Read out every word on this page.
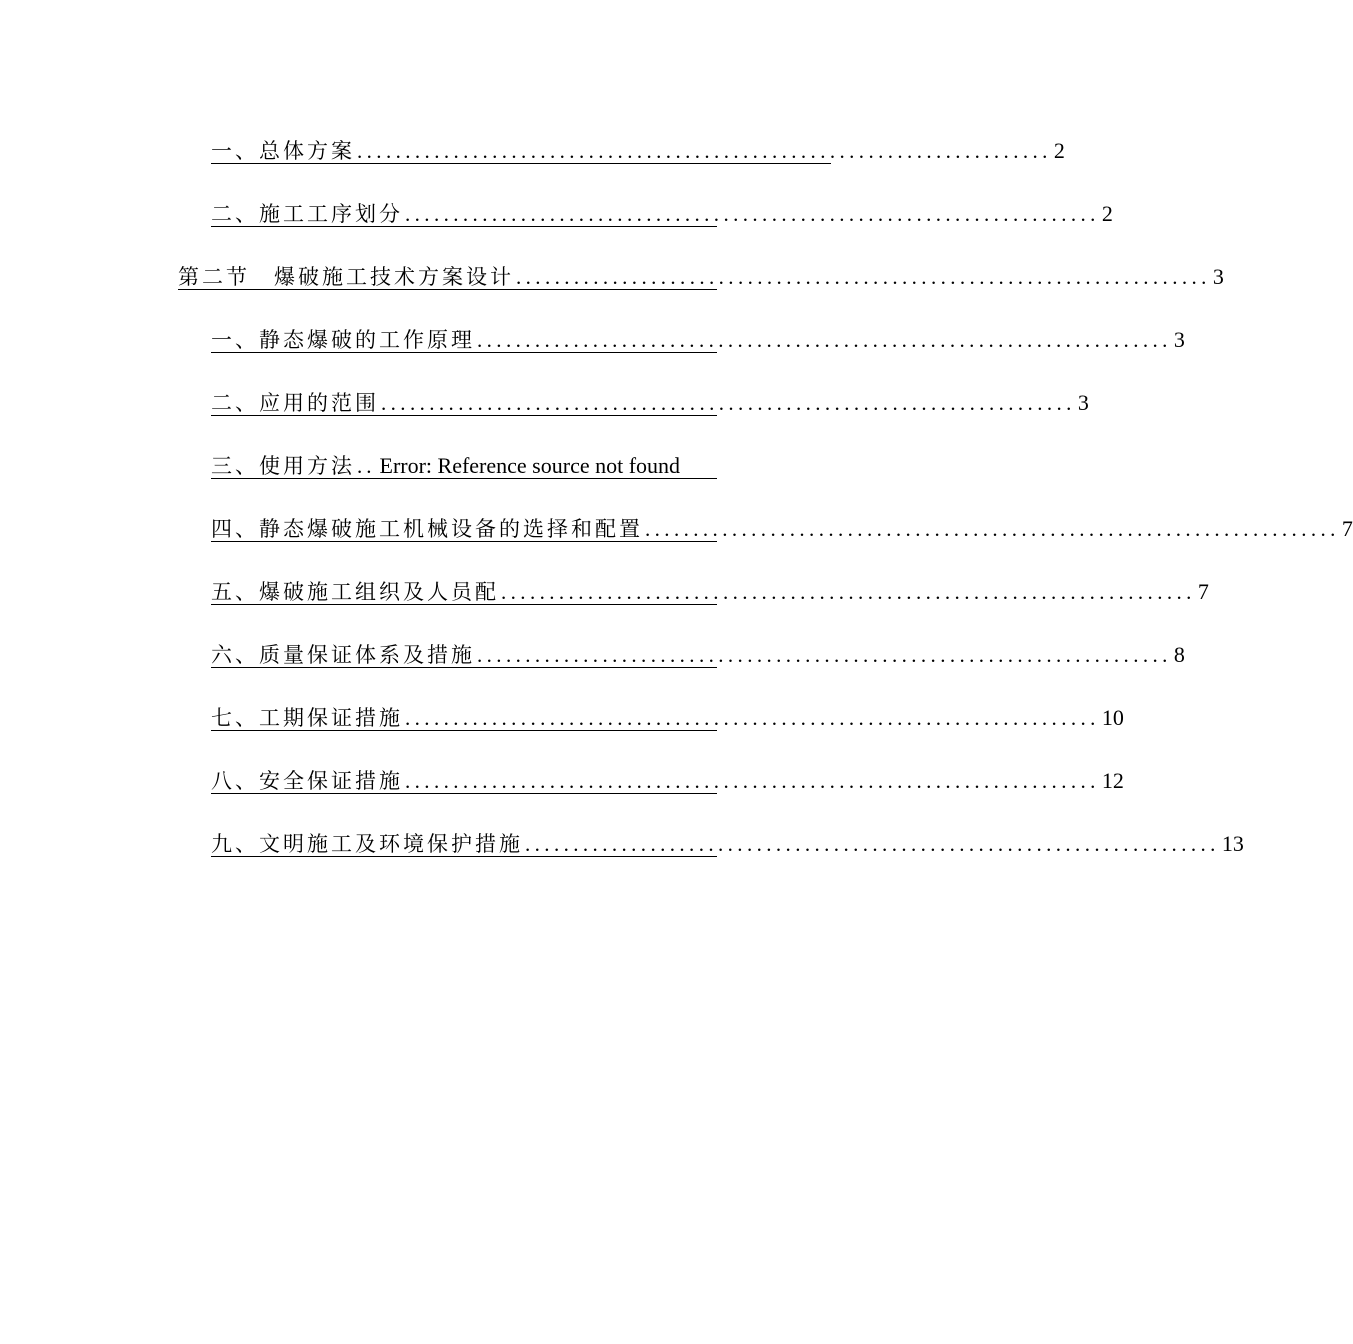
一、总体方案 ........................................................................ 2
二、施工工序划分 ........................................................................ 2
第二节　爆破施工技术方案设计 ........................................................................ 3
一、静态爆破的工作原理 ........................................................................ 3
二、应用的范围 ........................................................................ 3
三、使用方法 .. Error: Reference source not found
四、静态爆破施工机械设备的选择和配置 ........................................................................ 7
五、爆破施工组织及人员配 ........................................................................ 7
六、质量保证体系及措施 ........................................................................ 8
七、工期保证措施 ........................................................................ 10
八、安全保证措施 ........................................................................ 12
九、文明施工及环境保护措施 ........................................................................ 13
